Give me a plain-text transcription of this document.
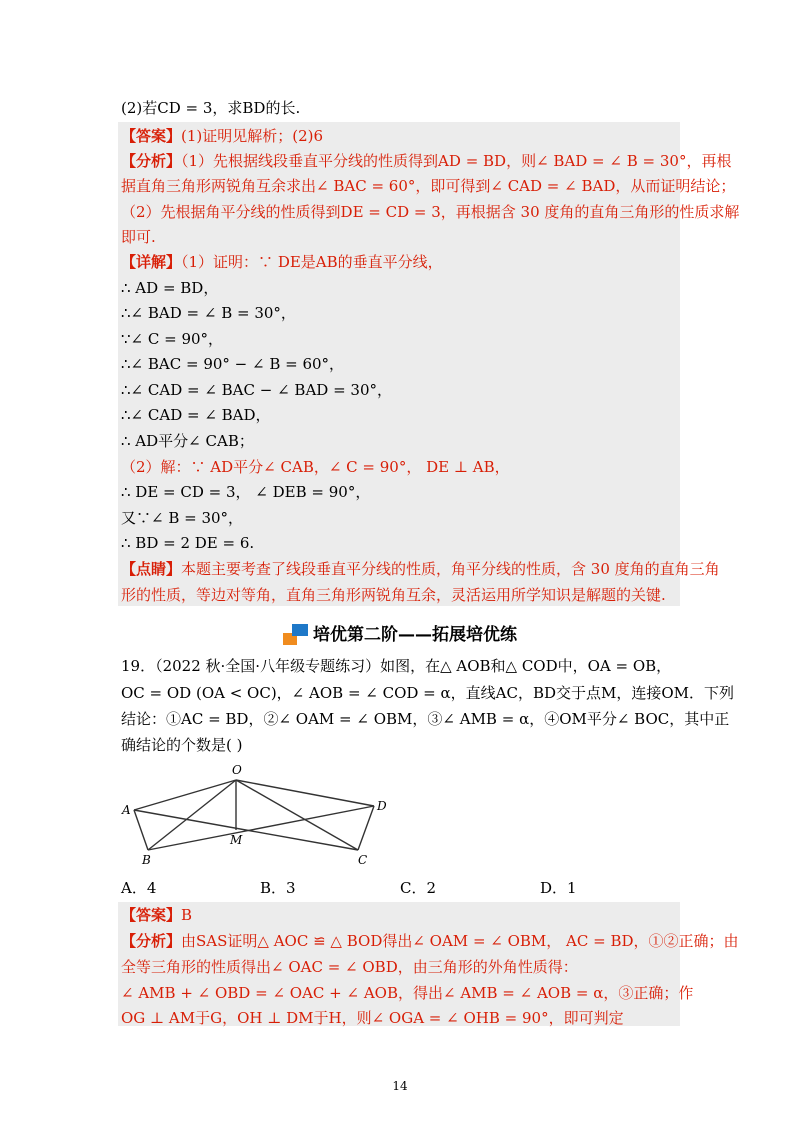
(2)若CD = 3，求BD的长.
【答案】(1)证明见解析；(2)6
【分析】（1）先根据线段垂直平分线的性质得到AD = BD，则∠ BAD = ∠ B = 30°，再根
据直角三角形两锐角互余求出∠ BAC = 60°，即可得到∠ CAD = ∠ BAD，从而证明结论；
（2）先根据角平分线的性质得到DE = CD = 3，再根据含 30 度角的直角三角形的性质求解
即可.
【详解】（1）证明：∵ DE是AB的垂直平分线，
∴ AD = BD，
∴∠ BAD = ∠ B = 30°，
∵∠ C = 90°，
∴∠ BAC = 90° − ∠ B = 60°，
∴∠ CAD = ∠ BAC − ∠ BAD = 30°，
∴∠ CAD = ∠ BAD，
∴ AD平分∠ CAB；
（2）解：∵ AD平分∠ CAB，∠ C = 90°， DE ⊥ AB，
∴ DE = CD = 3， ∠ DEB = 90°，
又∵∠ B = 30°，
∴ BD = 2 DE = 6.
【点睛】本题主要考查了线段垂直平分线的性质，角平分线的性质，含 30 度角的直角三角
形的性质，等边对等角，直角三角形两锐角互余，灵活运用所学知识是解题的关键.
培优第二阶——拓展培优练
19．（2022 秋·全国·八年级专题练习）如图，在△ AOB和△ COD中，OA = OB，
OC = OD (OA < OC)，∠ AOB = ∠ COD = α，直线AC，BD交于点M，连接OM．下列
结论：①AC = BD，②∠ OAM = ∠ OBM，③∠ AMB = α，④OM平分∠ BOC，其中正
确结论的个数是( )
O
A
B
M
C
D
A．4	B．3	C．2	D．1
【答案】B
【分析】由SAS证明△ AOC ≌ △ BOD得出∠ OAM = ∠ OBM， AC = BD，①②正确；由
全等三角形的性质得出∠ OAC = ∠ OBD，由三角形的外角性质得：
∠ AMB + ∠ OBD = ∠ OAC + ∠ AOB，得出∠ AMB = ∠ AOB = α，③正确；作
OG ⊥ AM于G，OH ⊥ DM于H，则∠ OGA = ∠ OHB = 90°，即可判定
14
